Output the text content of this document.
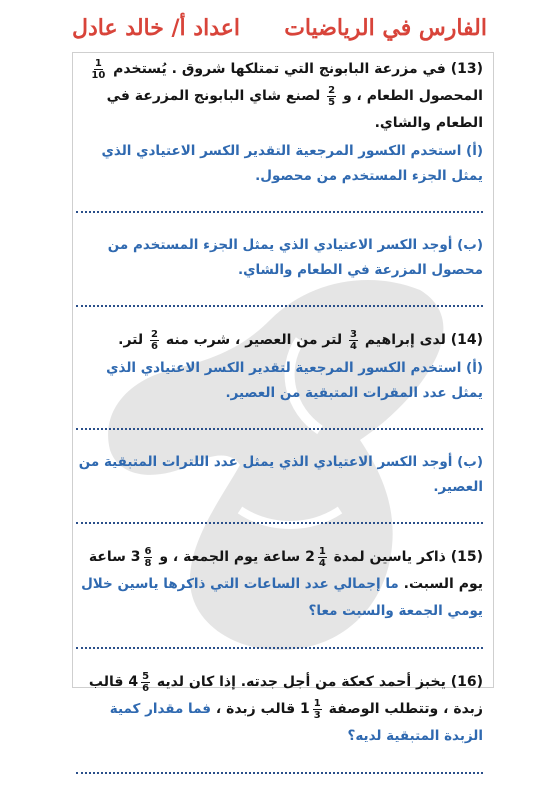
الفارس في الرياضيات
اعداد أ/ خالد عادل
(13) في مزرعة البابونج التي تمتلكها شروق . يُستخدم
$\frac{1}{10}$
المحصول الطعام ، و
$\frac{2}{5}$
لصنع شاي البابونج المزرعة في الطعام والشاي.
(أ) استخدم الكسور المرجعية التقدير الكسر الاعتيادي الذي يمثل الجزء المستخدم من محصول.
(ب) أوجد الكسر الاعتيادي الذي يمثل الجزء المستخدم من محصول المزرعة في الطعام والشاي.
(14) لدى إبراهيم
$\frac{3}{4}$
لتر من العصير ، شرب منه
$\frac{2}{6}$
لتر.
(أ) استخدم الكسور المرجعية لتقدير الكسر الاعتيادي الذي يمثل عدد المقرات المتبقية من العصير.
(ب) أوجد الكسر الاعتيادي الذي يمثل عدد اللترات المتبقية من العصير.
(15) ذاكر ياسين لمدة
$2 \frac{1}{4}$
ساعة يوم الجمعة ، و
$3 \frac{6}{8}$
ساعة يوم السبت. ما إجمالي عدد الساعات التي ذاكرها ياسين خلال يومي الجمعة والسبت معا؟
(16) يخبز أحمد كعكة من أجل جدته. إذا كان لديه
$4 \frac{5}{6}$
قالب زبدة ، وتتطلب الوصفة
$1 \frac{1}{3}$
قالب زبدة ، فما مقدار كمية الزبدة المتبقية لديه؟
